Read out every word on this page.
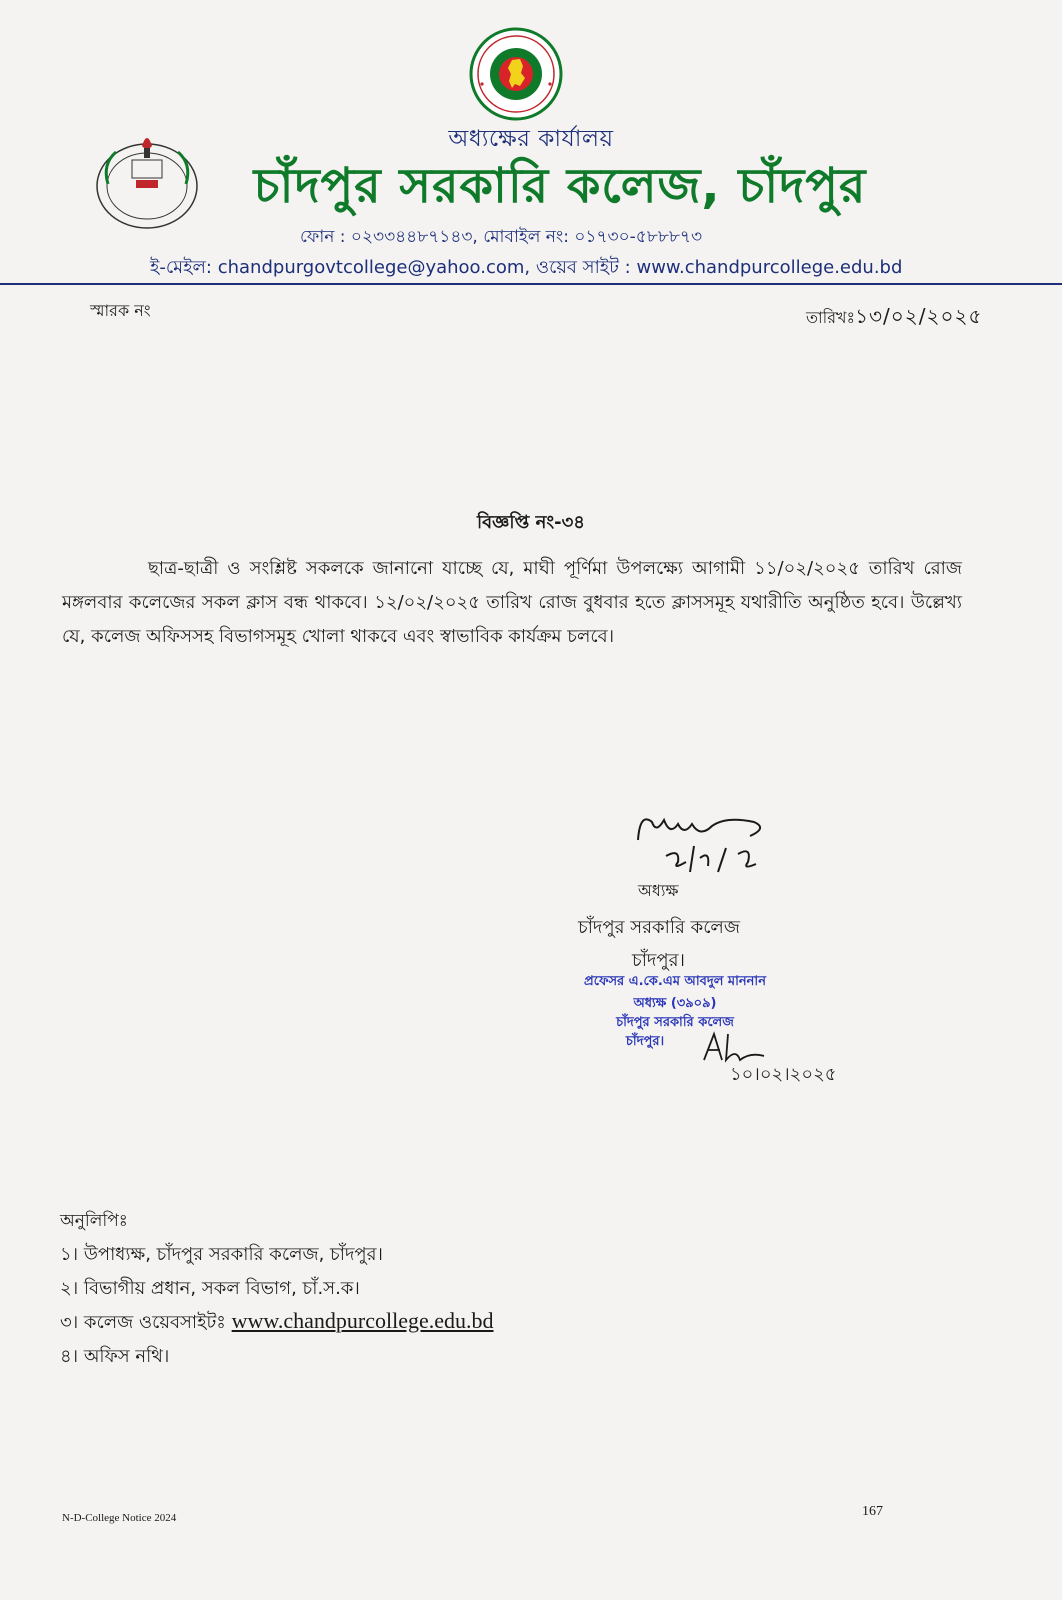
অধ্যক্ষের কার্যালয়
চাঁদপুর সরকারি কলেজ, চাঁদপুর
ফোন : ০২৩৩৪৪৮৭১৪৩, মোবাইল নং: ০১৭৩০-৫৮৮৮৭৩
ই-মেইল: chandpurgovtcollege@yahoo.com, ওয়েব সাইট : www.chandpurcollege.edu.bd
স্মারক নং	তারিখঃ১৩/০২/২০২৫
বিজ্ঞপ্তি নং-৩৪
ছাত্র-ছাত্রী ও সংশ্লিষ্ট সকলকে জানানো যাচ্ছে যে, মাঘী পূর্ণিমা উপলক্ষ্যে আগামী ১১/০২/২০২৫ তারিখ রোজ মঙ্গলবার কলেজের সকল ক্লাস বন্ধ থাকবে। ১২/০২/২০২৫ তারিখ রোজ বুধবার হতে ক্লাসসমূহ যথারীতি অনুষ্ঠিত হবে। উল্লেখ্য যে, কলেজ অফিসসহ বিভাগসমূহ খোলা থাকবে এবং স্বাভাবিক কার্যক্রম চলবে।
অধ্যক্ষ
চাঁদপুর সরকারি কলেজ
চাঁদপুর।
প্রফেসর এ.কে.এম আবদুল মাননান
অধ্যক্ষ (৩৯০৯)
চাঁদপুর সরকারি কলেজ
চাঁদপুর।
১০।০২।২০২৫
অনুলিপিঃ
১। উপাধ্যক্ষ, চাঁদপুর সরকারি কলেজ, চাঁদপুর।
২। বিভাগীয় প্রধান, সকল বিভাগ, চাঁ.স.ক।
৩। কলেজ ওয়েবসাইটঃ www.chandpurcollege.edu.bd
৪। অফিস নথি।
N-D-College Notice 2024	167
